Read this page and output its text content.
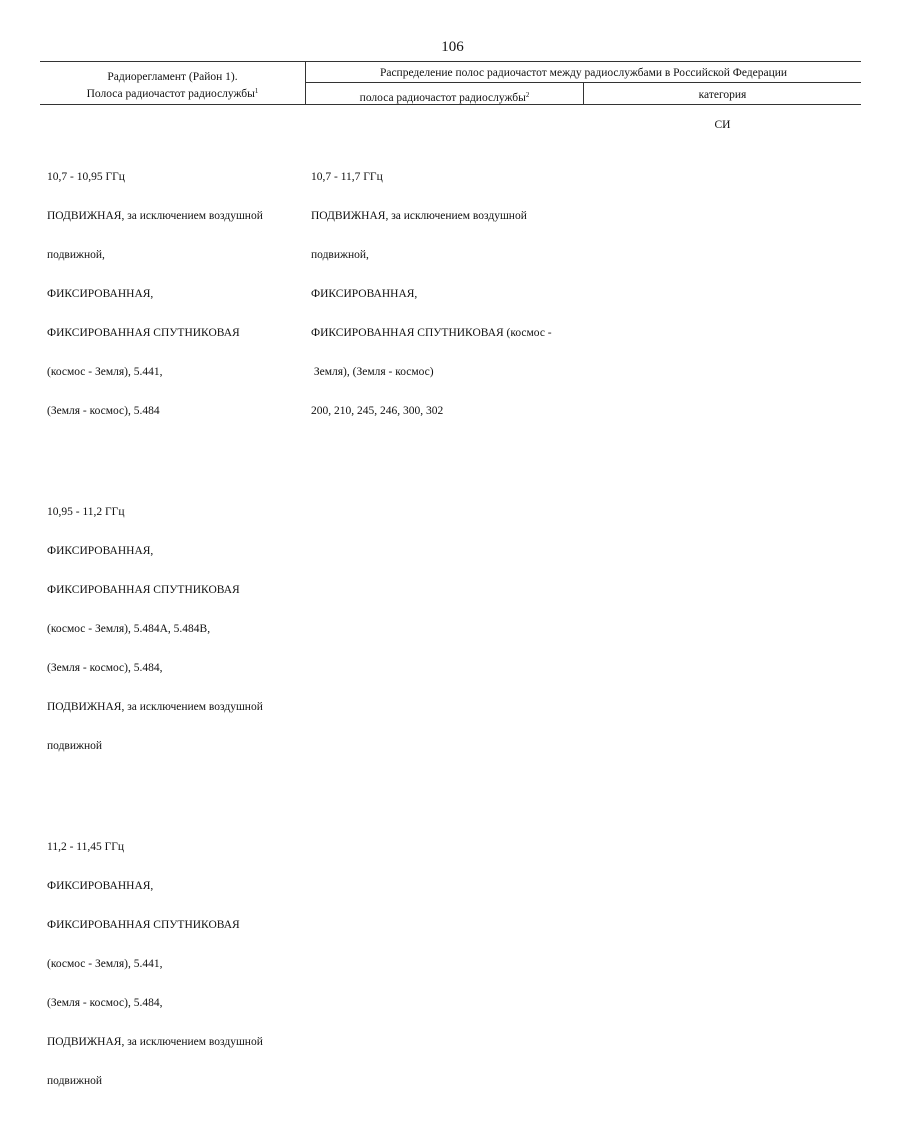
106
Радиорегламент (Район 1).
Полоса радиочастот радиослужбы$^1$
Распределение полос радиочастот между радиослужбами в Российской Федерации
полоса радиочастот радиослужбы$^2$	категория

10,7 - 10,95 ГГц

ПОДВИЖНАЯ, за исключением воздушной

подвижной,

ФИКСИРОВАННАЯ,

ФИКСИРОВАННАЯ СПУТНИКОВАЯ

(космос - Земля), 5.441,

(Земля - космос), 5.484

10,95 - 11,2 ГГц

ФИКСИРОВАННАЯ,

ФИКСИРОВАННАЯ СПУТНИКОВАЯ

(космос - Земля), 5.484А, 5.484В,

(Земля - космос), 5.484,

ПОДВИЖНАЯ, за исключением воздушной

подвижной

11,2 - 11,45 ГГц

ФИКСИРОВАННАЯ,

ФИКСИРОВАННАЯ СПУТНИКОВАЯ

(космос - Земля), 5.441,

(Земля - космос), 5.484,

ПОДВИЖНАЯ, за исключением воздушной

подвижной

10,7 - 11,7 ГГц

ПОДВИЖНАЯ, за исключением воздушной

подвижной,

ФИКСИРОВАННАЯ,

ФИКСИРОВАННАЯ СПУТНИКОВАЯ (космос -

Земля), (Земля - космос)

200, 210, 245, 246, 300, 302

СИ
